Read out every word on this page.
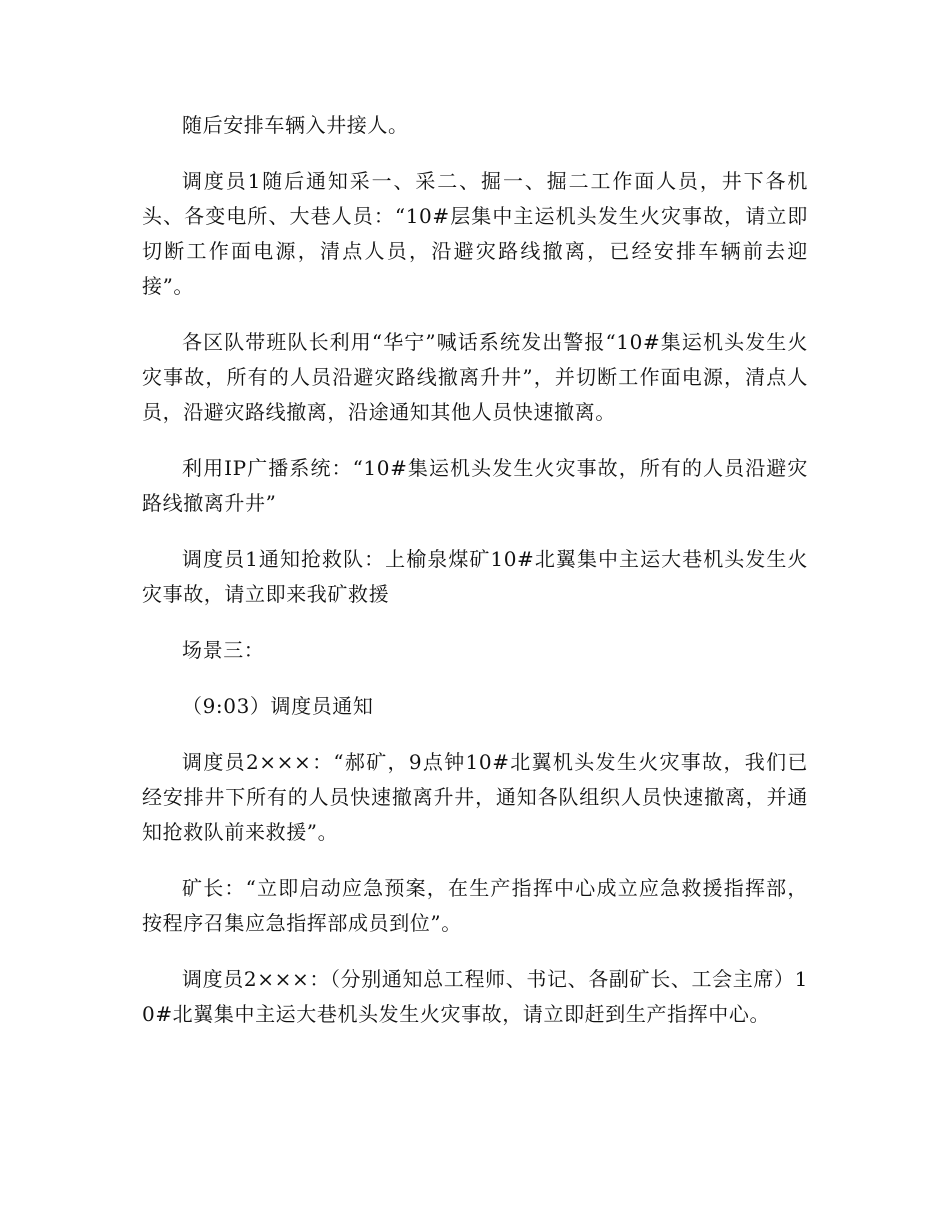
随后安排车辆入井接人。

调度员1随后通知采一、采二、掘一、掘二工作面人员，井下各机头、各变电所、大巷人员：“10#层集中主运机头发生火灾事故，请立即切断工作面电源，清点人员，沿避灾路线撤离，已经安排车辆前去迎接”。

各区队带班队长利用“华宁”喊话系统发出警报“10#集运机头发生火灾事故，所有的人员沿避灾路线撤离升井”，并切断工作面电源，清点人员，沿避灾路线撤离，沿途通知其他人员快速撤离。

利用IP广播系统：“10#集运机头发生火灾事故，所有的人员沿避灾路线撤离升井”

调度员1通知抢救队：上榆泉煤矿10#北翼集中主运大巷机头发生火灾事故，请立即来我矿救援

场景三：

（9:03）调度员通知

调度员2×××：“郝矿，9点钟10#北翼机头发生火灾事故，我们已经安排井下所有的人员快速撤离升井，通知各队组织人员快速撤离，并通知抢救队前来救援”。

矿长：“立即启动应急预案，在生产指挥中心成立应急救援指挥部，按程序召集应急指挥部成员到位”。

调度员2×××：（分别通知总工程师、书记、各副矿长、工会主席）10#北翼集中主运大巷机头发生火灾事故，请立即赶到生产指挥中心。
